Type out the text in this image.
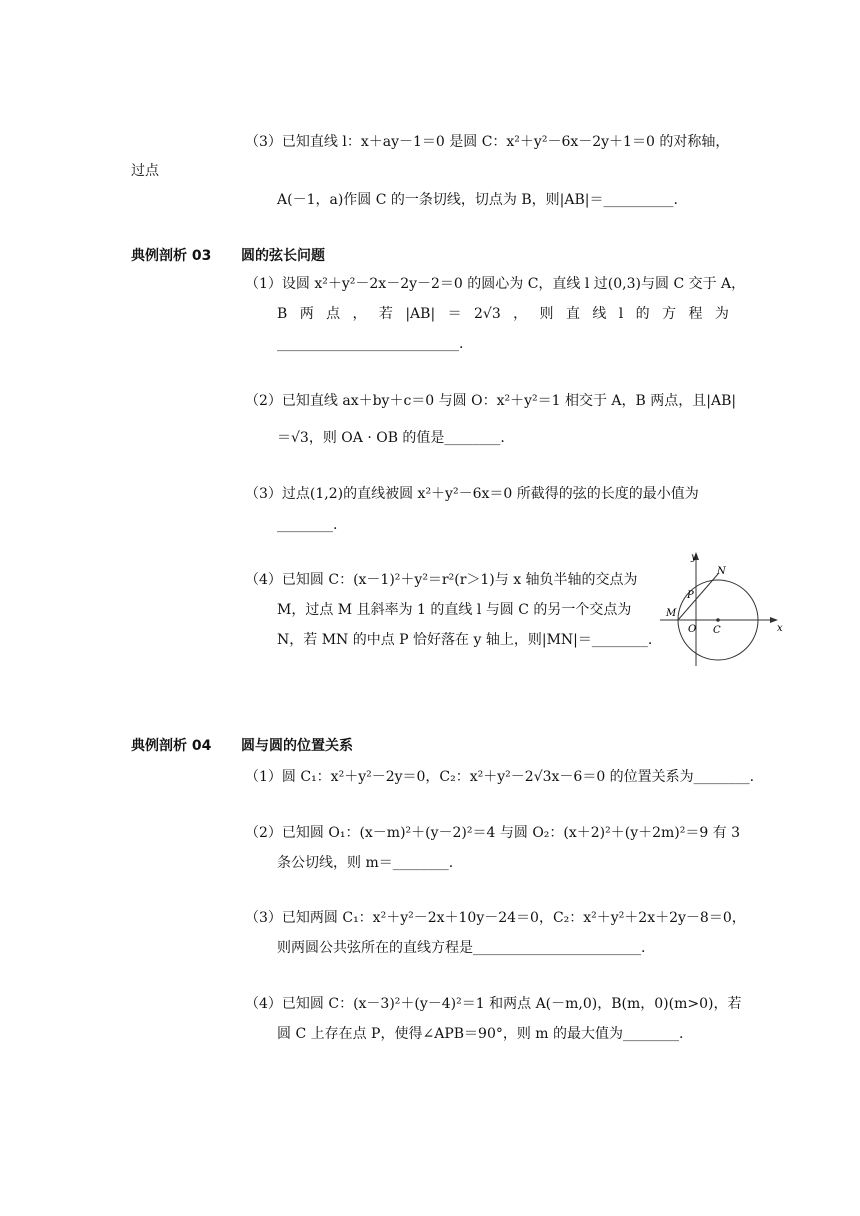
（3）已知直线 l：x＋ay－1＝0 是圆 C：x²＋y²－6x－2y＋1＝0 的对称轴，
过点
A(－1，a)作圆 C 的一条切线，切点为 B，则|AB|＝__________.
典例剖析 03 圆的弦长问题
（1）设圆 x²＋y²－2x－2y－2＝0 的圆心为 C，直线 l 过(0,3)与圆 C 交于 A，
B 两 点 ， 若 |AB| ＝ 2√3 ， 则 直 线 l 的 方 程 为
__________________________.
（2）已知直线 ax＋by＋c＝0 与圆 O：x²＋y²＝1 相交于 A，B 两点，且|AB|
＝√3，则 OA · OB 的值是________.
（3）过点(1,2)的直线被圆 x²＋y²－6x＝0 所截得的弦的长度的最小值为
________.
（4）已知圆 C：(x－1)²＋y²＝r²(r＞1)与 x 轴负半轴的交点为
M，过点 M 且斜率为 1 的直线 l 与圆 C 的另一个交点为
N，若 MN 的中点 P 恰好落在 y 轴上，则|MN|＝________.
y
x
N
P
M
O C
典例剖析 04 圆与圆的位置关系
（1）圆 C₁：x²＋y²－2y＝0，C₂：x²＋y²－2√3x－6＝0 的位置关系为________.
（2）已知圆 O₁：(x－m)²＋(y－2)²＝4 与圆 O₂：(x＋2)²＋(y＋2m)²＝9 有 3
条公切线，则 m＝________.
（3）已知两圆 C₁：x²＋y²－2x＋10y－24＝0，C₂：x²＋y²＋2x＋2y－8＝0，
则两圆公共弦所在的直线方程是________________________.
（4）已知圆 C：(x－3)²＋(y－4)²＝1 和两点 A(－m,0)，B(m，0)(m>0)，若
圆 C 上存在点 P，使得∠APB＝90°，则 m 的最大值为________.
